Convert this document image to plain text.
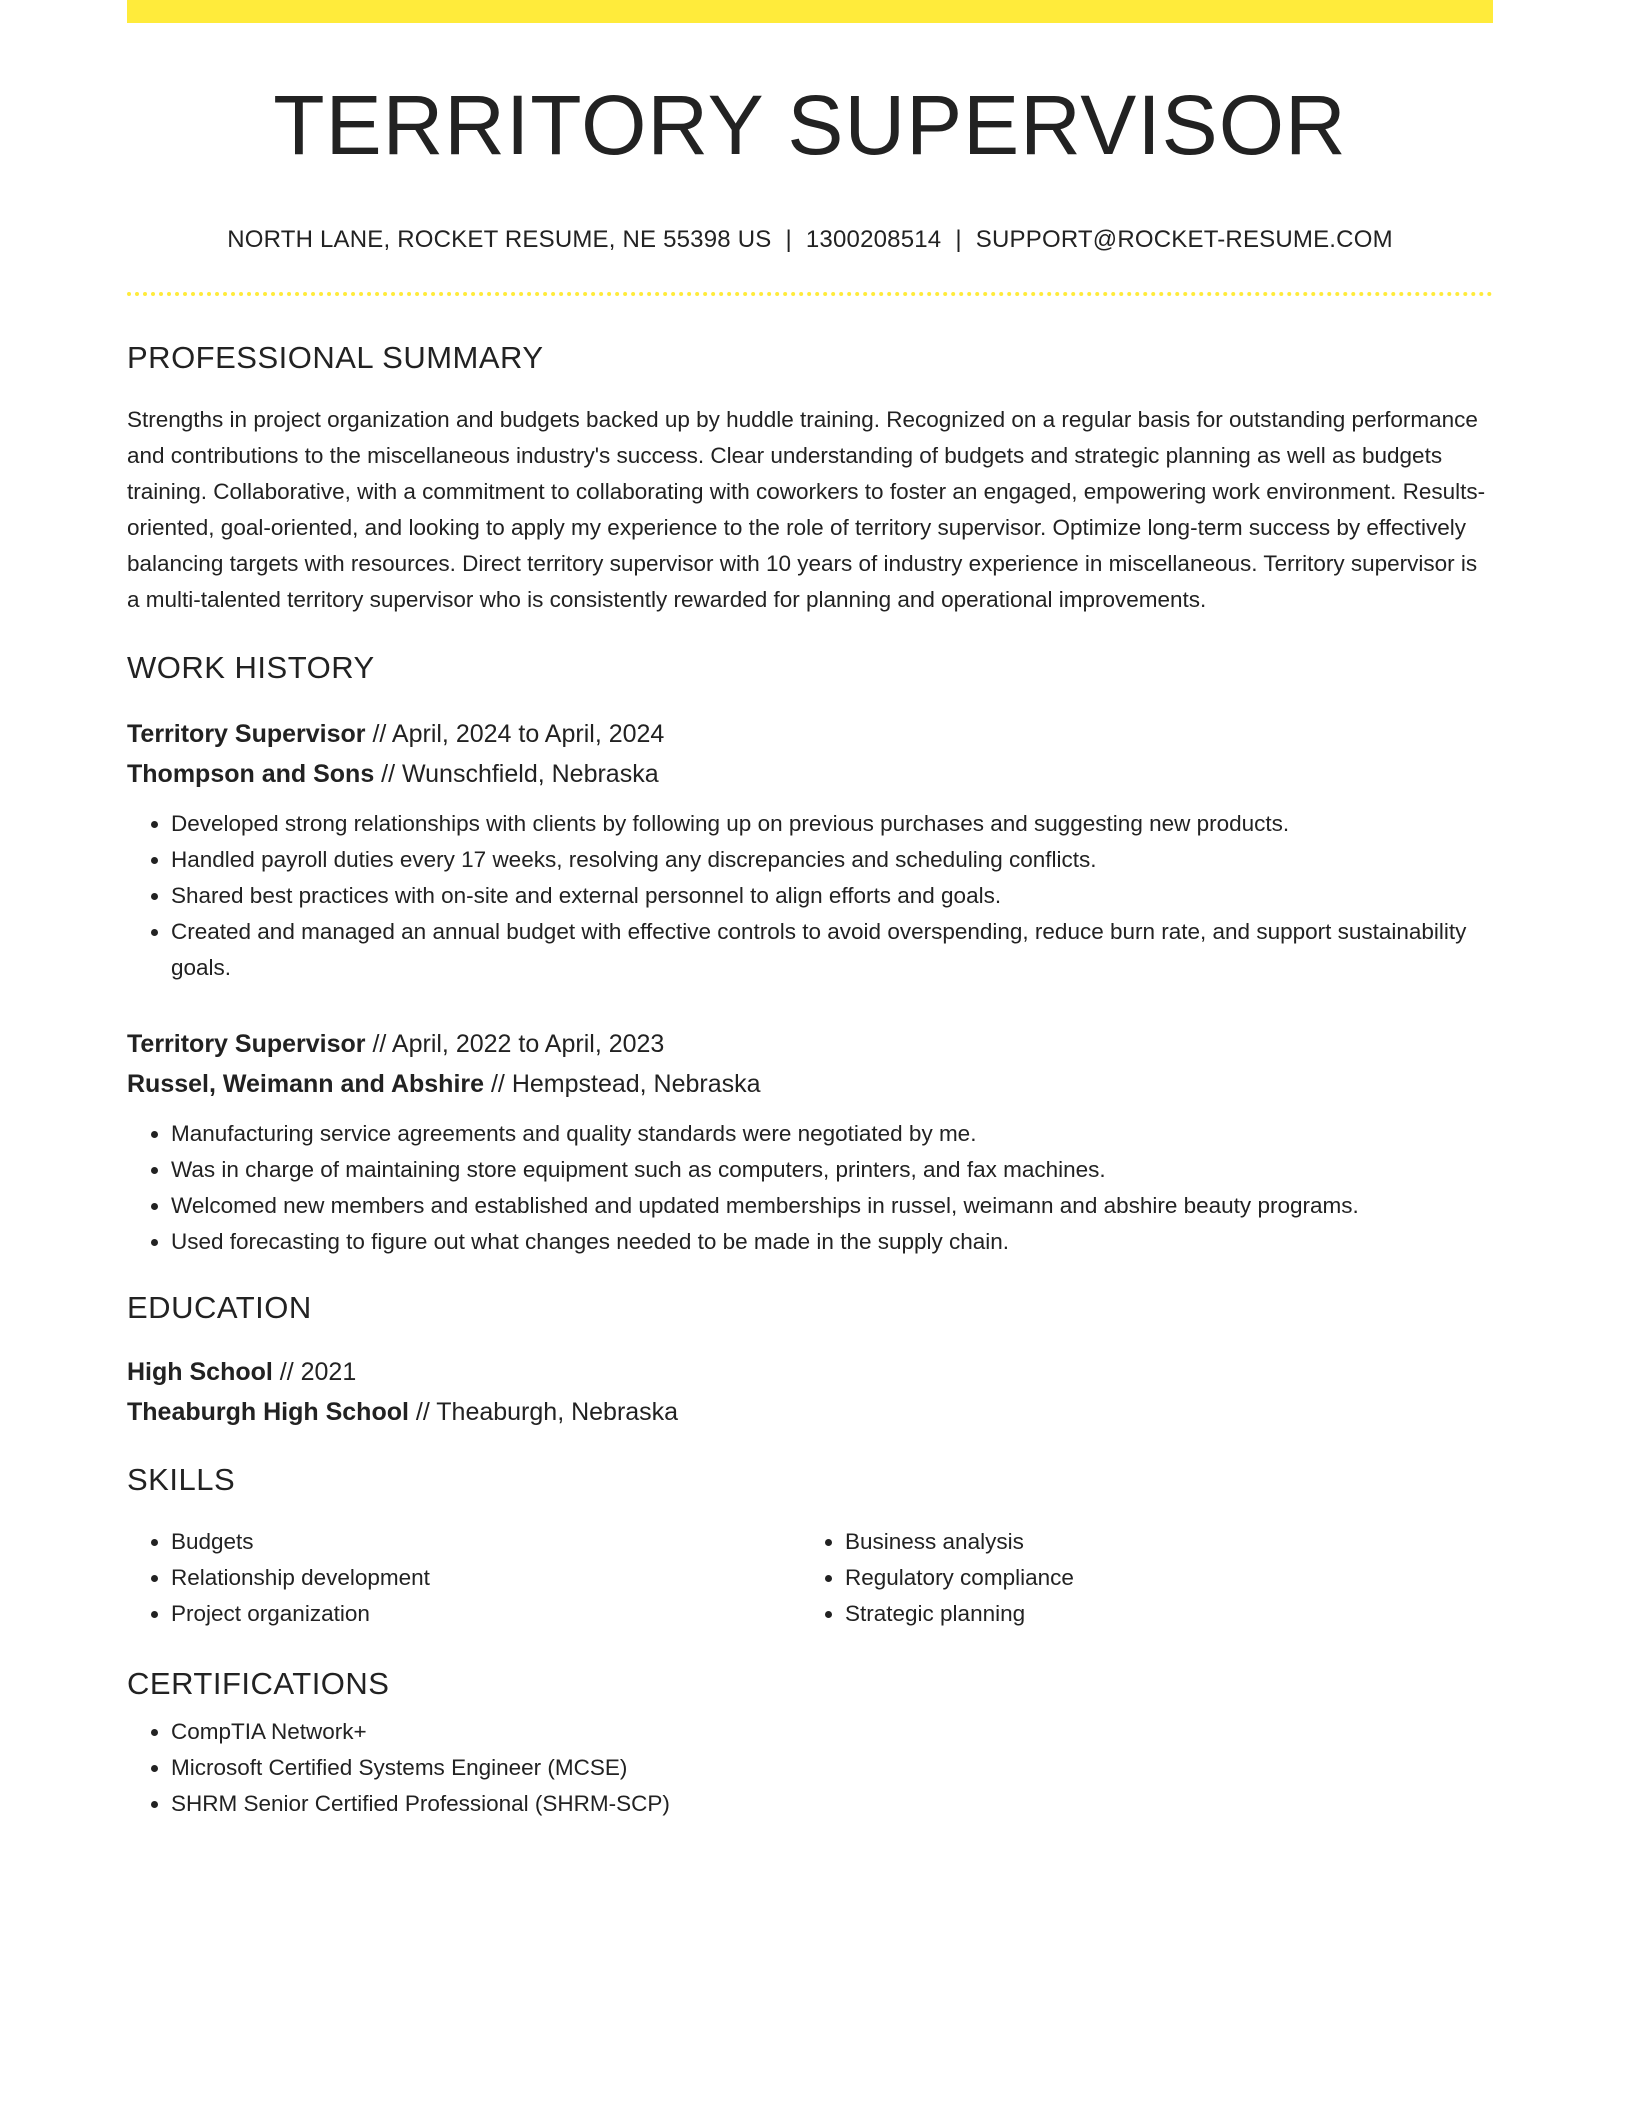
TERRITORY SUPERVISOR
NORTH LANE, ROCKET RESUME, NE 55398 US | 1300208514 | SUPPORT@ROCKET-RESUME.COM
PROFESSIONAL SUMMARY
Strengths in project organization and budgets backed up by huddle training. Recognized on a regular basis for outstanding performance and contributions to the miscellaneous industry's success. Clear understanding of budgets and strategic planning as well as budgets training. Collaborative, with a commitment to collaborating with coworkers to foster an engaged, empowering work environment. Results-oriented, goal-oriented, and looking to apply my experience to the role of territory supervisor. Optimize long-term success by effectively balancing targets with resources. Direct territory supervisor with 10 years of industry experience in miscellaneous. Territory supervisor is a multi-talented territory supervisor who is consistently rewarded for planning and operational improvements.
WORK HISTORY
Territory Supervisor // April, 2024 to April, 2024
Thompson and Sons // Wunschfield, Nebraska
• Developed strong relationships with clients by following up on previous purchases and suggesting new products.
• Handled payroll duties every 17 weeks, resolving any discrepancies and scheduling conflicts.
• Shared best practices with on-site and external personnel to align efforts and goals.
• Created and managed an annual budget with effective controls to avoid overspending, reduce burn rate, and support sustainability goals.
Territory Supervisor // April, 2022 to April, 2023
Russel, Weimann and Abshire // Hempstead, Nebraska
• Manufacturing service agreements and quality standards were negotiated by me.
• Was in charge of maintaining store equipment such as computers, printers, and fax machines.
• Welcomed new members and established and updated memberships in russel, weimann and abshire beauty programs.
• Used forecasting to figure out what changes needed to be made in the supply chain.
EDUCATION
High School // 2021
Theaburgh High School // Theaburgh, Nebraska
SKILLS
• Budgets
• Relationship development
• Project organization
• Business analysis
• Regulatory compliance
• Strategic planning
CERTIFICATIONS
• CompTIA Network+
• Microsoft Certified Systems Engineer (MCSE)
• SHRM Senior Certified Professional (SHRM-SCP)
